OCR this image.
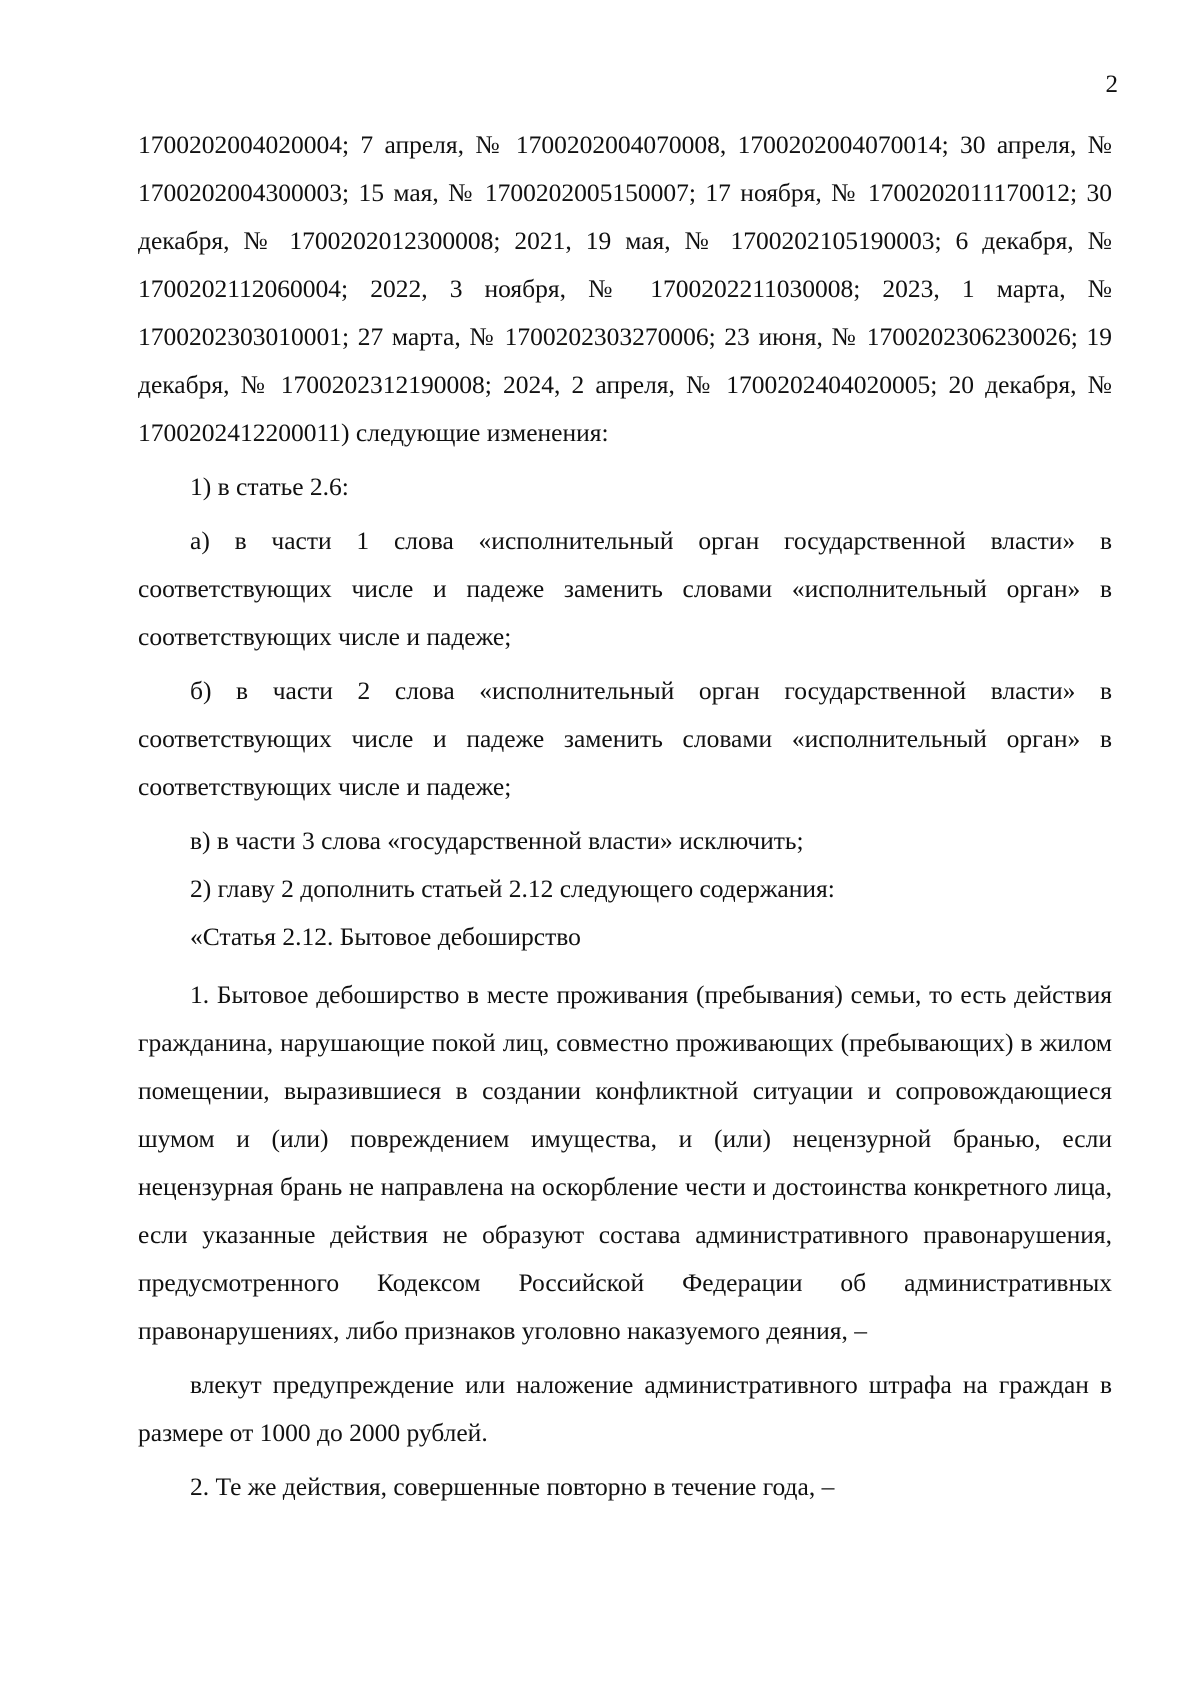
2

1700202004020004; 7 апреля, № 1700202004070008, 1700202004070014; 30 апреля, № 1700202004300003; 15 мая, № 1700202005150007; 17 ноября, № 1700202011170012; 30 декабря, № 1700202012300008; 2021, 19 мая, № 1700202105190003; 6 декабря, № 1700202112060004; 2022, 3 ноября, № 1700202211030008; 2023, 1 марта, № 1700202303010001; 27 марта, № 1700202303270006; 23 июня, № 1700202306230026; 19 декабря, № 1700202312190008; 2024, 2 апреля, № 1700202404020005; 20 декабря, № 1700202412200011) следующие изменения:

1) в статье 2.6:

а) в части 1 слова «исполнительный орган государственной власти» в соответствующих числе и падеже заменить словами «исполнительный орган» в соответствующих числе и падеже;

б) в части 2 слова «исполнительный орган государственной власти» в соответствующих числе и падеже заменить словами «исполнительный орган» в соответствующих числе и падеже;

в) в части 3 слова «государственной власти» исключить;

2) главу 2 дополнить статьей 2.12 следующего содержания:

«Статья 2.12. Бытовое дебоширство

1. Бытовое дебоширство в месте проживания (пребывания) семьи, то есть действия гражданина, нарушающие покой лиц, совместно проживающих (пребывающих) в жилом помещении, выразившиеся в создании конфликтной ситуации и сопровождающиеся шумом и (или) повреждением имущества, и (или) нецензурной бранью, если нецензурная брань не направлена на оскорбление чести и достоинства конкретного лица, если указанные действия не образуют состава административного правонарушения, предусмотренного Кодексом Российской Федерации об административных правонарушениях, либо признаков уголовно наказуемого деяния, –

влекут предупреждение или наложение административного штрафа на граждан в размере от 1000 до 2000 рублей.

2. Те же действия, совершенные повторно в течение года, –
